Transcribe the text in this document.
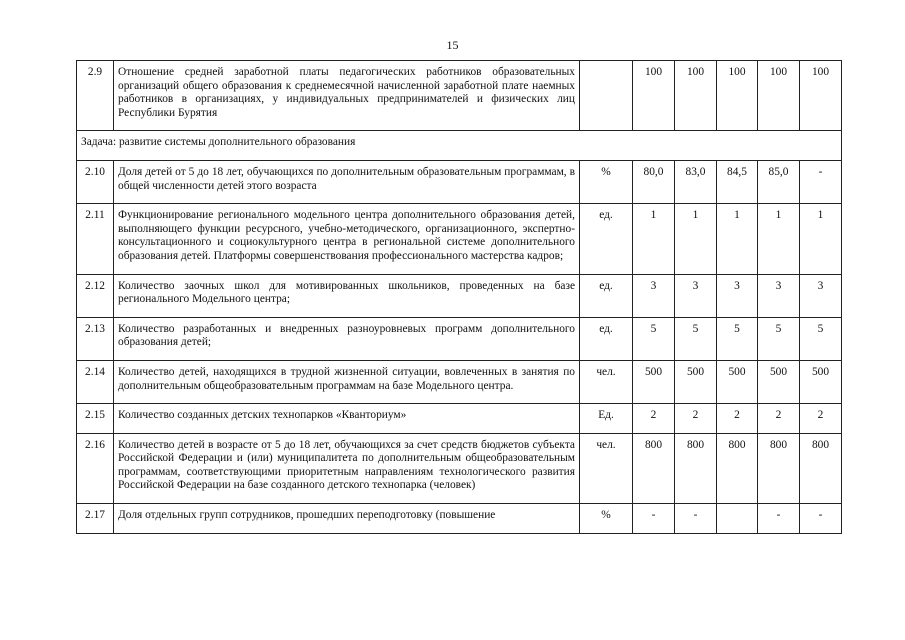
15
2.9	Отношение средней заработной платы педагогических работников образовательных организаций общего образования к среднемесячной начисленной заработной плате наемных работников в организациях, у индивидуальных предпринимателей и физических лиц Республики Бурятия		100	100	100	100	100
Задача: развитие системы дополнительного образования							
2.10	Доля детей от 5 до 18 лет, обучающихся по дополнительным образовательным программам, в общей численности детей этого возраста	%	80,0	83,0	84,5	85,0	-
2.11	Функционирование регионального модельного центра дополнительного образования детей, выполняющего функции ресурсного, учебно-методического, организационного, экспертно-консультационного и социокультурного центра в региональной системе дополнительного образования детей. Платформы совершенствования профессионального мастерства кадров;	ед.	1	1	1	1	1
2.12	Количество заочных школ для мотивированных школьников, проведенных на базе регионального Модельного центра;	ед.	3	3	3	3	3
2.13	Количество разработанных и внедренных разноуровневых программ дополнительного образования детей;	ед.	5	5	5	5	5
2.14	Количество детей, находящихся в трудной жизненной ситуации, вовлеченных в занятия по дополнительным общеобразовательным программам на базе Модельного центра.	чел.	500	500	500	500	500
2.15	Количество созданных детских технопарков «Кванториум»	Ед.	2	2	2	2	2
2.16	Количество детей в возрасте от 5 до 18 лет, обучающихся за счет средств бюджетов субъекта Российской Федерации и (или) муниципалитета по дополнительным общеобразовательным программам, соответствующими приоритетным направлениям технологического развития Российской Федерации на базе созданного детского технопарка (человек)	чел.	800	800	800	800	800
2.17	Доля отдельных групп сотрудников, прошедших переподготовку (повышение	%	-	-		-	-
